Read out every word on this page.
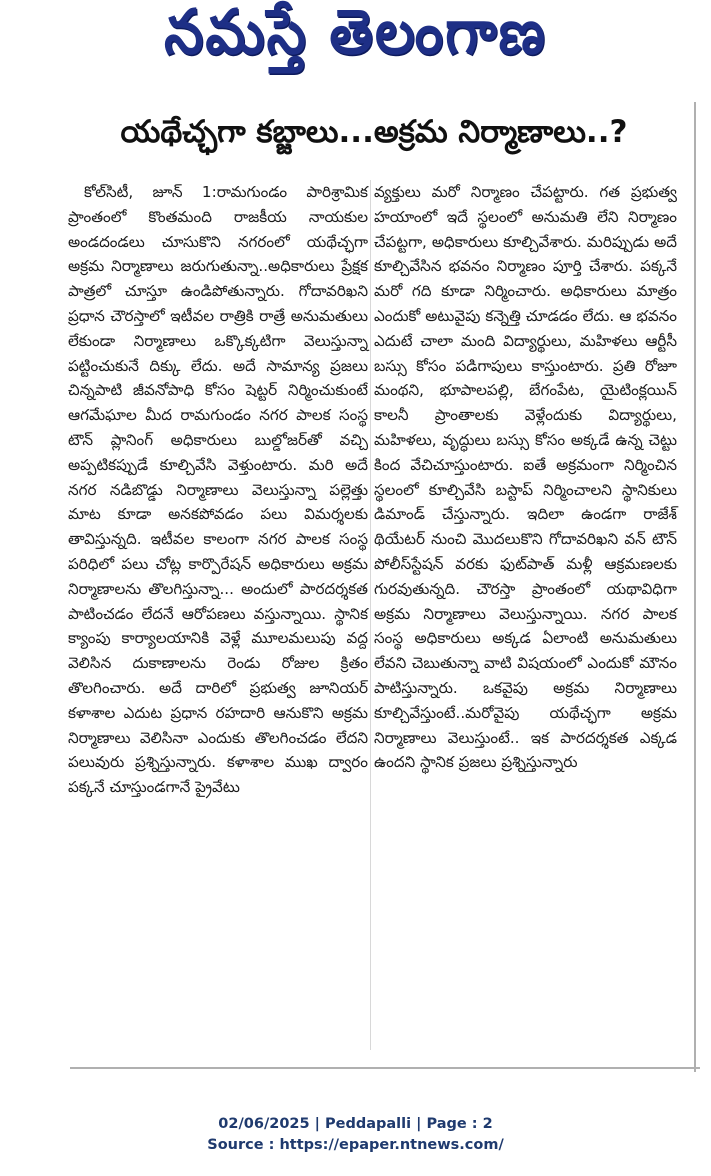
నమస్తే తెలంగాణ
యథేచ్ఛగా కబ్జాలు...అక్రమ నిర్మాణాలు..?
కోల్‌సిటీ, జూన్ 1:రామగుండం పారిశ్రామిక ప్రాంతంలో కొంతమంది రాజకీయ నాయకుల అండదండలు చూసుకొని నగరంలో యథేచ్ఛగా అక్రమ నిర్మాణాలు జరుగుతున్నా..అధికారులు ప్రేక్షక పాత్రలో చూస్తూ ఉండిపోతున్నారు. గోదావరిఖని ప్రధాన చౌరస్తాలో ఇటీవల రాత్రికి రాత్రే అనుమతులు లేకుండా నిర్మాణాలు ఒక్కొక్కటిగా వెలుస్తున్నా పట్టించుకునే దిక్కు లేదు. అదే సామాన్య ప్రజలు చిన్నపాటి జీవనోపాధి కోసం షెట్టర్ నిర్మించుకుంటే ఆగమేఘాల మీద రామగుండం నగర పాలక సంస్థ టౌన్ ప్లానింగ్ అధికారులు బుల్డోజర్‌తో వచ్చి అప్పటికప్పుడే కూల్చివేసి వెళ్తుంటారు. మరి అదే నగర నడిబొడ్డు నిర్మాణాలు వెలుస్తున్నా పల్లెత్తు మాట కూడా అనకపోవడం పలు విమర్శలకు తావిస్తున్నది. ఇటీవల కాలంగా నగర పాలక సంస్థ పరిధిలో పలు చోట్ల కార్పొరేషన్ అధికారులు అక్రమ నిర్మాణాలను తొలగిస్తున్నా... అందులో పారదర్శకత పాటించడం లేదనే ఆరోపణలు వస్తున్నాయి. స్థానిక క్యాంపు కార్యాలయానికి వెళ్లే మూలమలుపు వద్ద వెలిసిన దుకాణాలను రెండు రోజుల క్రితం తొలగించారు. అదే దారిలో ప్రభుత్వ జూనియర్ కళాశాల ఎదుట ప్రధాన రహదారి ఆనుకొని అక్రమ నిర్మాణాలు వెలిసినా ఎందుకు తొలగించడం లేదని పలువురు ప్రశ్నిస్తున్నారు. కళాశాల ముఖ ద్వారం పక్కనే చూస్తుండగానే ప్రైవేటు
వ్యక్తులు మరో నిర్మాణం చేపట్టారు. గత ప్రభుత్వ హయాంలో ఇదే స్థలంలో అనుమతి లేని నిర్మాణం చేపట్టగా, అధికారులు కూల్చివేశారు. మరిప్పుడు అదే కూల్చివేసిన భవనం నిర్మాణం పూర్తి చేశారు. పక్కనే మరో గది కూడా నిర్మించారు. అధికారులు మాత్రం ఎందుకో అటువైపు కన్నెత్తి చూడడం లేదు. ఆ భవనం ఎదుటే చాలా మంది విద్యార్థులు, మహిళలు ఆర్టీసీ బస్సు కోసం పడిగాపులు కాస్తుంటారు. ప్రతి రోజూ మంథని, భూపాలపల్లి, బేగంపేట, యైటింక్లయిన్ కాలనీ ప్రాంతాలకు వెళ్లేందుకు విద్యార్థులు, మహిళలు, వృద్ధులు బస్సు కోసం అక్కడే ఉన్న చెట్టు కింద వేచిచూస్తుంటారు. ఐతే అక్రమంగా నిర్మించిన స్థలంలో కూల్చివేసి బస్టాప్ నిర్మించాలని స్థానికులు డిమాండ్ చేస్తున్నారు. ఇదిలా ఉండగా రాజేశ్ థియేటర్ నుంచి మొదలుకొని గోదావరిఖని వన్ టౌన్ పోలీస్‌స్టేషన్ వరకు ఫుట్‌పాత్ మళ్లీ ఆక్రమణలకు గురవుతున్నది. చౌరస్తా ప్రాంతంలో యథావిధిగా అక్రమ నిర్మాణాలు వెలుస్తున్నాయి. నగర పాలక సంస్థ అధికారులు అక్కడ ఏలాంటి అనుమతులు లేవని చెబుతున్నా వాటి విషయంలో ఎందుకో మౌనం పాటిస్తున్నారు. ఒకవైపు అక్రమ నిర్మాణాలు కూల్చివేస్తుంటే..మరోవైపు యథేచ్ఛగా అక్రమ నిర్మాణాలు వెలుస్తుంటే.. ఇక పారదర్శకత ఎక్కడ ఉందని స్థానిక ప్రజలు ప్రశ్నిస్తున్నారు
02/06/2025 | Peddapalli | Page : 2
Source : https://epaper.ntnews.com/
